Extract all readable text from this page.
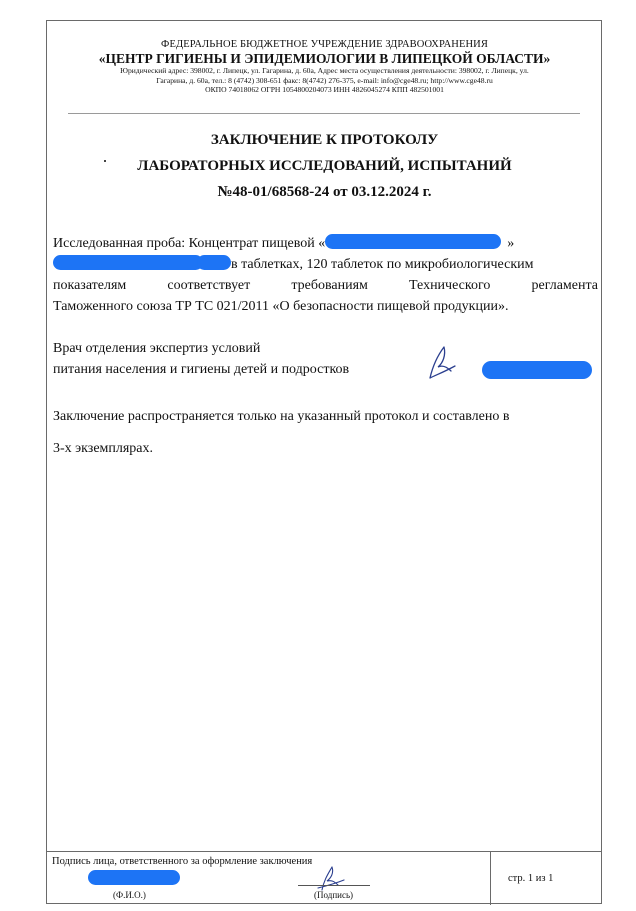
ФЕДЕРАЛЬНОЕ БЮДЖЕТНОЕ УЧРЕЖДЕНИЕ ЗДРАВООХРАНЕНИЯ
«ЦЕНТР ГИГИЕНЫ И ЭПИДЕМИОЛОГИИ В ЛИПЕЦКОЙ ОБЛАСТИ»
Юридический адрес: 398002, г. Липецк, ул. Гагарина, д. 60а, Адрес места осуществления деятельности: 398002, г. Липецк, ул.
Гагарина, д. 60а, тел.: 8 (4742) 308-651 факс: 8(4742) 276-375, e-mail: info@cge48.ru; http://www.cge48.ru
ОКПО 74018062 ОГРН 1054800204073 ИНН 4826045274 КПП 482501001
ЗАКЛЮЧЕНИЕ К ПРОТОКОЛУ
ЛАБОРАТОРНЫХ ИССЛЕДОВАНИЙ, ИСПЫТАНИЙ
№48-01/68568-24 от 03.12.2024 г.
Исследованная проба: Концентрат пищевой «	»
в таблетках, 120 таблеток по микробиологическим
показателям соответствует требованиям Технического регламента
Таможенного союза ТР ТС 021/2011 «О безопасности пищевой продукции».
Врач отделения экспертиз условий
питания населения и гигиены детей и подростков
Заключение распространяется только на указанный протокол и составлено в
3-х экземплярах.
Подпись лица, ответственного за оформление заключения
(Ф.И.О.)	(Подпись)
стр. 1 из 1
